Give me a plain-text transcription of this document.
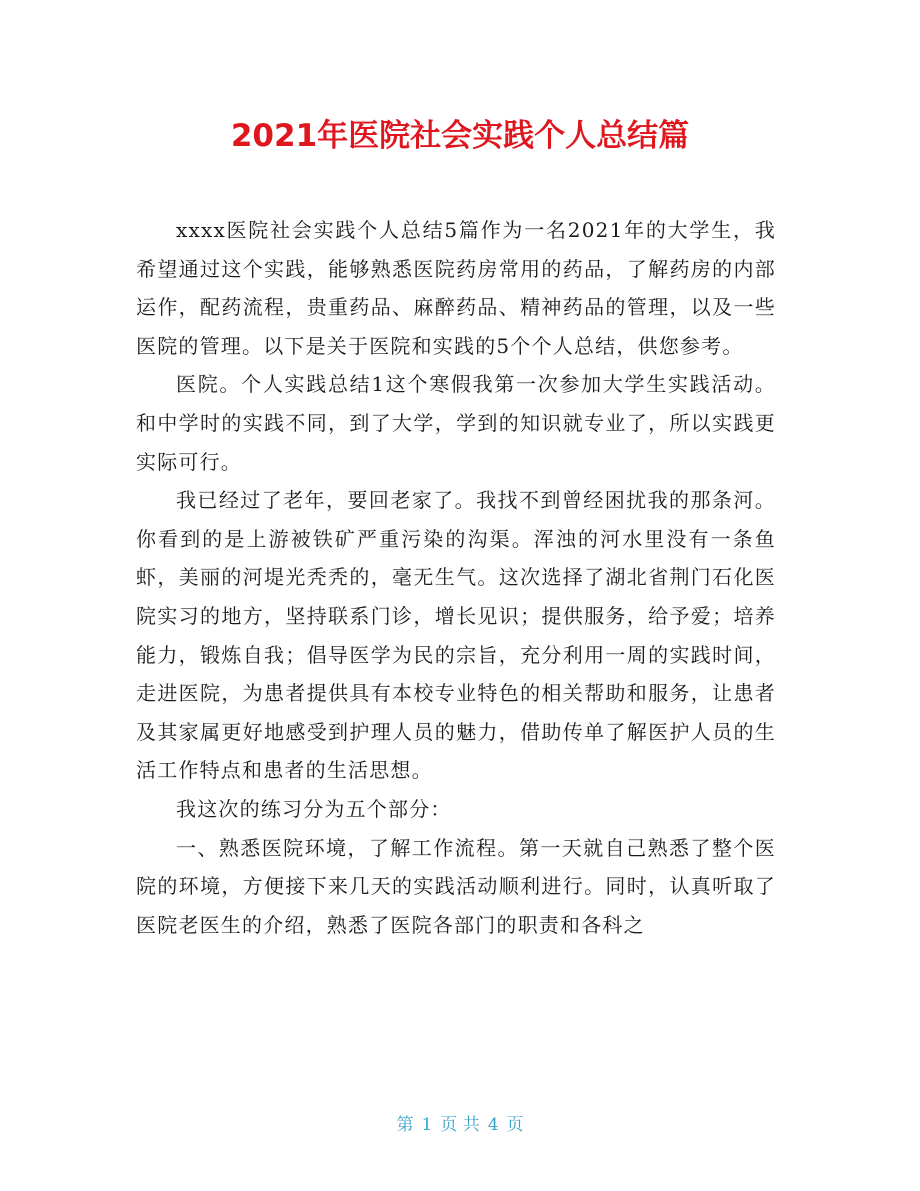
2021年医院社会实践个人总结篇

xxxx医院社会实践个人总结5篇作为一名2021年的大学生，我希望通过这个实践，能够熟悉医院药房常用的药品，了解药房的内部运作，配药流程，贵重药品、麻醉药品、精神药品的管理，以及一些医院的管理。以下是关于医院和实践的5个个人总结，供您参考。

医院。个人实践总结1这个寒假我第一次参加大学生实践活动。和中学时的实践不同，到了大学，学到的知识就专业了，所以实践更实际可行。

我已经过了老年，要回老家了。我找不到曾经困扰我的那条河。你看到的是上游被铁矿严重污染的沟渠。浑浊的河水里没有一条鱼虾，美丽的河堤光秃秃的，毫无生气。这次选择了湖北省荆门石化医院实习的地方，坚持联系门诊，增长见识；提供服务，给予爱；培养能力，锻炼自我；倡导医学为民的宗旨，充分利用一周的实践时间，走进医院，为患者提供具有本校专业特色的相关帮助和服务，让患者及其家属更好地感受到护理人员的魅力，借助传单了解医护人员的生活工作特点和患者的生活思想。

我这次的练习分为五个部分：

一、熟悉医院环境，了解工作流程。第一天就自己熟悉了整个医院的环境，方便接下来几天的实践活动顺利进行。同时，认真听取了医院老医生的介绍，熟悉了医院各部门的职责和各科之

第 1 页 共 4 页
